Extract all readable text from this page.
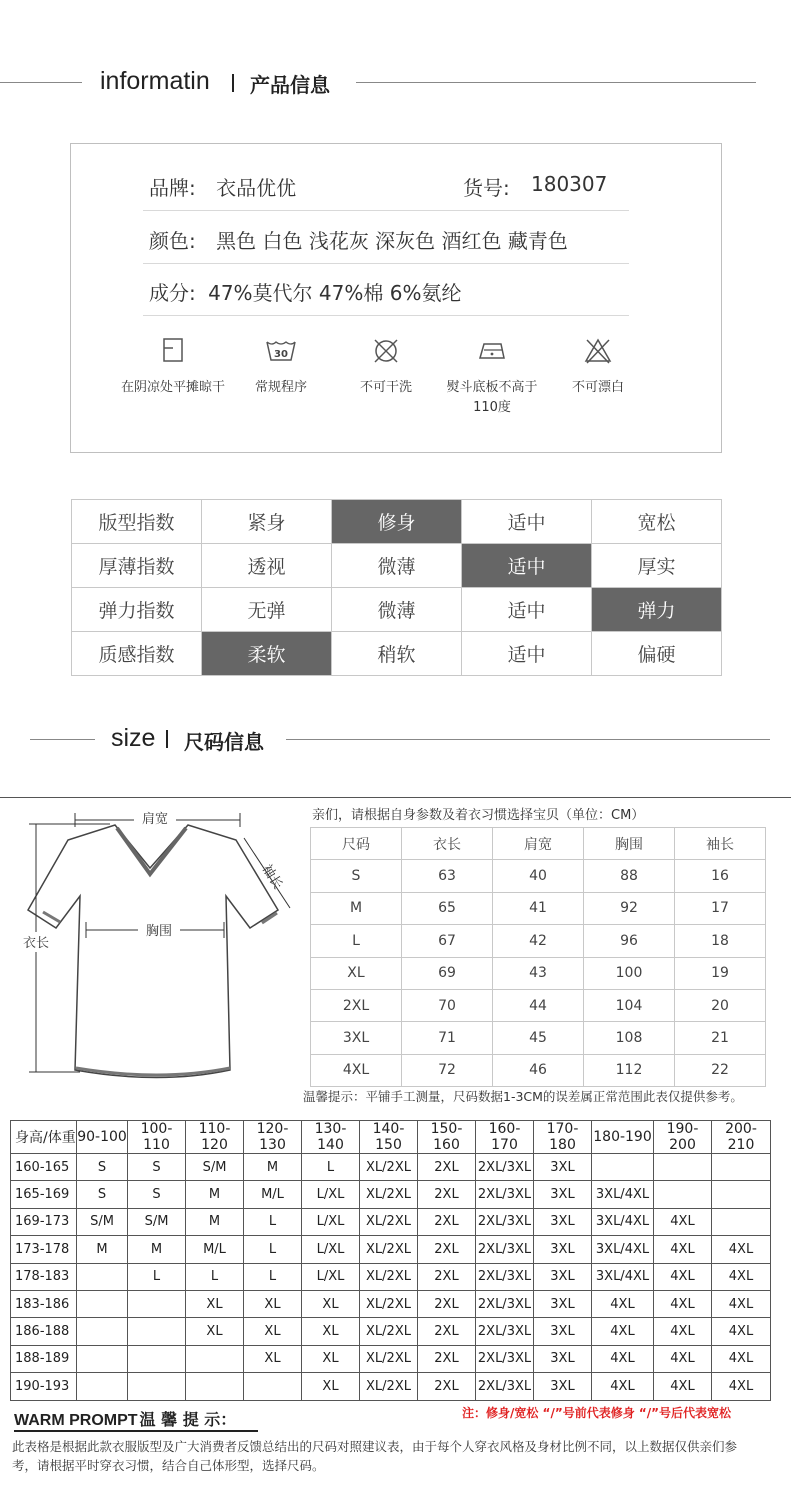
informatin 产品信息
品牌: 衣品优优	货号: 180307
颜色: 黑色 白色 浅花灰 深灰色 酒红色 藏青色
成分: 47%莫代尔 47%棉 6%氨纶
在阴凉处平摊晾干
30
常规程序	不可干洗	熨斗底板不高于110度
不可漂白
版型指数	紧身	修身	适中	宽松
厚薄指数	透视	微薄	适中	厚实
弹力指数	无弹	微薄	适中	弹力
质感指数	柔软	稍软	适中	偏硬
size 尺码信息
肩宽
袖长
胸围
衣长
亲们，请根据自身参数及着衣习惯选择宝贝（单位：CM）
尺码	衣长	肩宽	胸围	袖长
S	63	40	88	16
M	65	41	92	17
L	67	42	96	18
XL	69	43	100	19
2XL	70	44	104	20
3XL	71	45	108	21
4XL	72	46	112	22
温馨提示：平铺手工测量，尺码数据1-3CM的误差属正常范围此表仅提供参考。
身高/体重	90-100	100-110	110-120	120-130	130-140	140-150	150-160	160-170	170-180	180-190	190-200	200-210
160-165	S	S	S/M	M	L	XL/2XL	2XL	2XL/3XL	3XL			
165-169	S	S	M	M/L	L/XL	XL/2XL	2XL	2XL/3XL	3XL	3XL/4XL		
169-173	S/M	S/M	M	L	L/XL	XL/2XL	2XL	2XL/3XL	3XL	3XL/4XL	4XL	
173-178	M	M	M/L	L	L/XL	XL/2XL	2XL	2XL/3XL	3XL	3XL/4XL	4XL	4XL
178-183		L	L	L	L/XL	XL/2XL	2XL	2XL/3XL	3XL	3XL/4XL	4XL	4XL
183-186			XL	XL	XL	XL/2XL	2XL	2XL/3XL	3XL	4XL	4XL	4XL
186-188			XL	XL	XL	XL/2XL	2XL	2XL/3XL	3XL	4XL	4XL	4XL
188-189				XL	XL	XL/2XL	2XL	2XL/3XL	3XL	4XL	4XL	4XL
190-193					XL	XL/2XL	2XL	2XL/3XL	3XL	4XL	4XL	4XL
WARM PROMPT 温 馨 提 示：	注：修身/宽松 “/”号前代表修身 “/”号后代表宽松
此表格是根据此款衣服版型及广大消费者反馈总结出的尺码对照建议表，由于每个人穿衣风格及身材比例不同，以上数据仅供亲们参考，请根据平时穿衣习惯，结合自己体形型，选择尺码。
